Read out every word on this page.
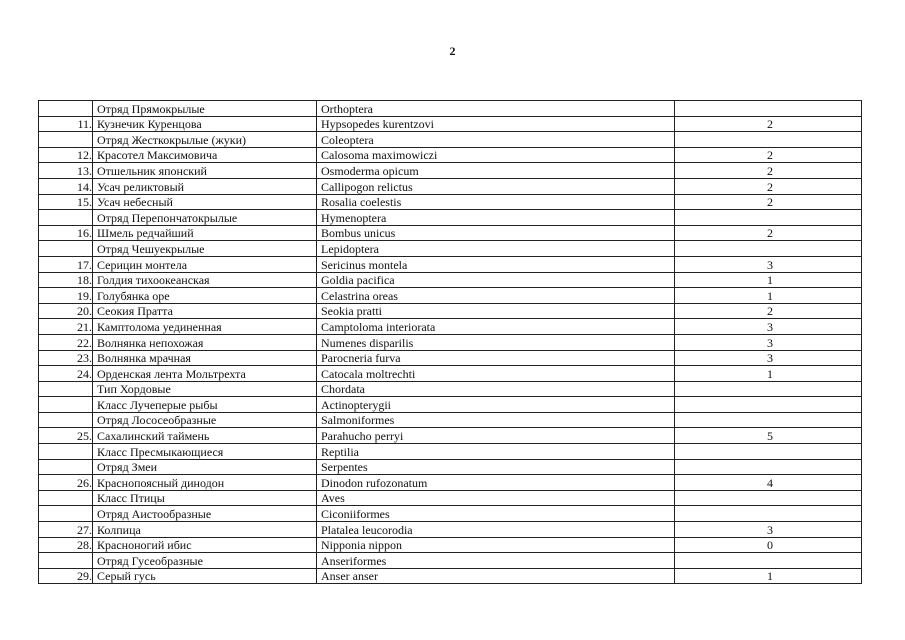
2
	Отряд Прямокрылые	Orthoptera	
11.	Кузнечик Куренцова	Hypsopedes kurentzovi	2
	Отряд Жесткокрылые (жуки)	Coleoptera	
12.	Красотел Максимовича	Calosoma maximowiczi	2
13.	Отшельник японский	Osmoderma opicum	2
14.	Усач реликтовый	Callipogon relictus	2
15.	Усач небесный	Rosalia coelestis	2
	Отряд Перепончатокрылые	Hymenoptera	
16.	Шмель редчайший	Bombus unicus	2
	Отряд Чешуекрылые	Lepidoptera	
17.	Серицин монтела	Sericinus montela	3
18.	Голдия тихоокеанская	Goldia pacifica	1
19.	Голубянка оре	Celastrina oreas	1
20.	Сеокия Пратта	Seokia pratti	2
21.	Камптолома уединенная	Camptoloma interiorata	3
22.	Волнянка непохожая	Numenes disparilis	3
23.	Волнянка мрачная	Parocneria furva	3
24.	Орденская лента Мольтрехта	Catocala moltrechti	1
	Тип Хордовые	Chordata	
	Класс Лучеперые рыбы	Actinopterygii	
	Отряд Лососеобразные	Salmoniformes	
25.	Сахалинский таймень	Parahucho perryi	5
	Класс Пресмыкающиеся	Reptilia	
	Отряд Змеи	Serpentes	
26.	Краснопоясный динодон	Dinodon rufozonatum	4
	Класс Птицы	Aves	
	Отряд Аистообразные	Ciconiiformes	
27.	Колпица	Platalea leucorodia	3
28.	Красноногий ибис	Nipponia nippon	0
	Отряд Гусеобразные	Anseriformes	
29.	Серый гусь	Anser anser	1
